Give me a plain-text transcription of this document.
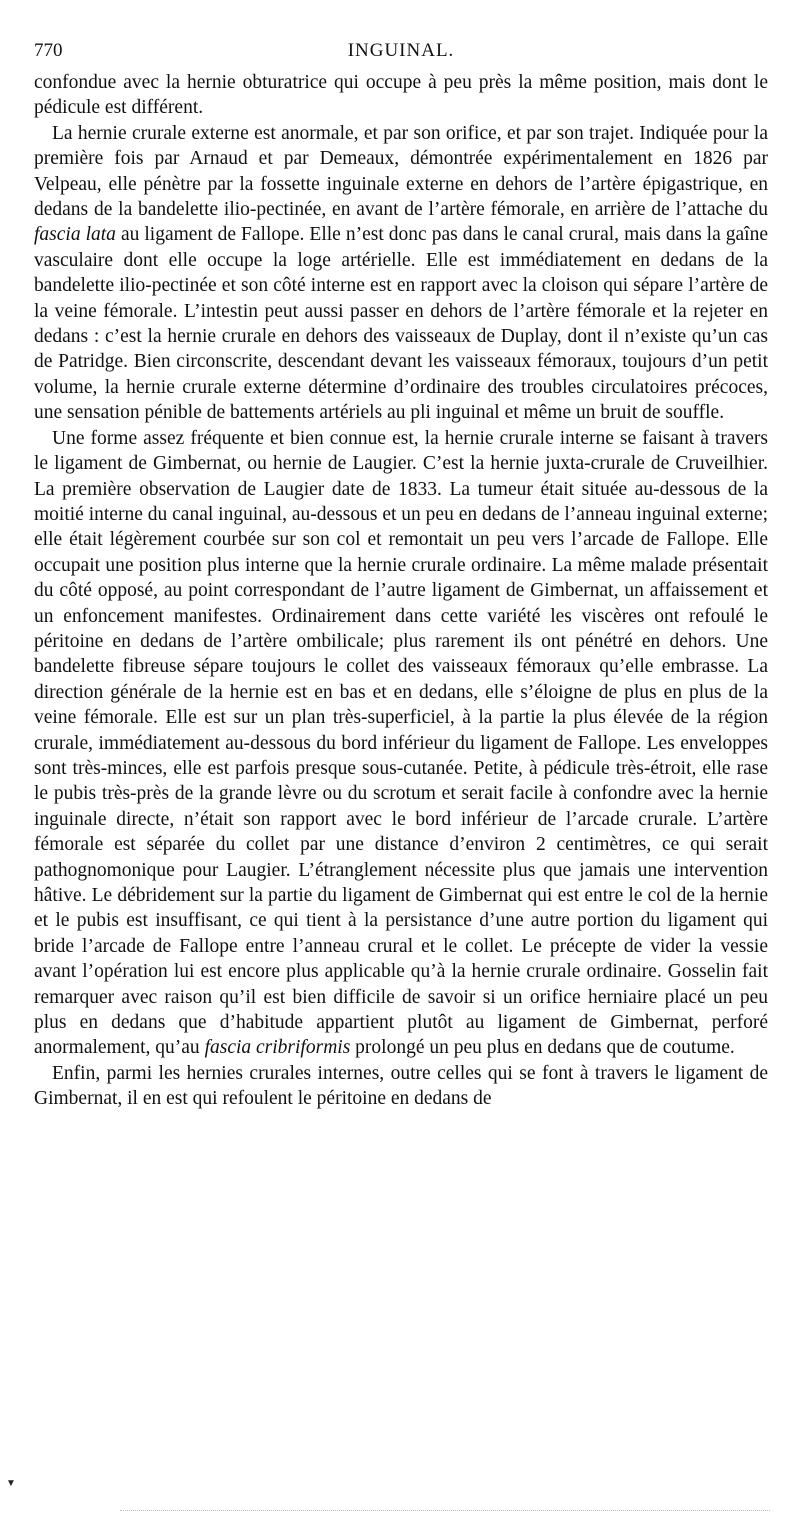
770	INGUINAL.

confondue avec la hernie obturatrice qui occupe à peu près la même position, mais dont le pédicule est différent.

La hernie crurale externe est anormale, et par son orifice, et par son trajet. Indiquée pour la première fois par Arnaud et par Demeaux, démontrée expérimentalement en 1826 par Velpeau, elle pénètre par la fossette inguinale externe en dehors de l’artère épigastrique, en dedans de la bandelette ilio-pectinée, en avant de l’artère fémorale, en arrière de l’attache du fascia lata au ligament de Fallope. Elle n’est donc pas dans le canal crural, mais dans la gaîne vasculaire dont elle occupe la loge artérielle. Elle est immédiatement en dedans de la bandelette ilio-pectinée et son côté interne est en rapport avec la cloison qui sépare l’artère de la veine fémorale. L’intestin peut aussi passer en dehors de l’artère fémorale et la rejeter en dedans : c’est la hernie crurale en dehors des vaisseaux de Duplay, dont il n’existe qu’un cas de Patridge. Bien circonscrite, descendant devant les vaisseaux fémoraux, toujours d’un petit volume, la hernie crurale externe détermine d’ordinaire des troubles circulatoires précoces, une sensation pénible de battements artériels au pli inguinal et même un bruit de souffle.

Une forme assez fréquente et bien connue est, la hernie crurale interne se faisant à travers le ligament de Gimbernat, ou hernie de Laugier. C’est la hernie juxta-crurale de Cruveilhier. La première observation de Laugier date de 1833. La tumeur était située au-dessous de la moitié interne du canal inguinal, au-dessous et un peu en dedans de l’anneau inguinal externe; elle était légèrement courbée sur son col et remontait un peu vers l’arcade de Fallope. Elle occupait une position plus interne que la hernie crurale ordinaire. La même malade présentait du côté opposé, au point correspondant de l’autre ligament de Gimbernat, un affaissement et un enfoncement manifestes. Ordinairement dans cette variété les viscères ont refoulé le péritoine en dedans de l’artère ombilicale; plus rarement ils ont pénétré en dehors. Une bandelette fibreuse sépare toujours le collet des vaisseaux fémoraux qu’elle embrasse. La direction générale de la hernie est en bas et en dedans, elle s’éloigne de plus en plus de la veine fémorale. Elle est sur un plan très-superficiel, à la partie la plus élevée de la région crurale, immédiatement au-dessous du bord inférieur du ligament de Fallope. Les enveloppes sont très-minces, elle est parfois presque sous-cutanée. Petite, à pédicule très-étroit, elle rase le pubis très-près de la grande lèvre ou du scrotum et serait facile à confondre avec la hernie inguinale directe, n’était son rapport avec le bord inférieur de l’arcade crurale. L’artère fémorale est séparée du collet par une distance d’environ 2 centimètres, ce qui serait pathognomonique pour Laugier. L’étranglement nécessite plus que jamais une intervention hâtive. Le débridement sur la partie du ligament de Gimbernat qui est entre le col de la hernie et le pubis est insuffisant, ce qui tient à la persistance d’une autre portion du ligament qui bride l’arcade de Fallope entre l’anneau crural et le collet. Le précepte de vider la vessie avant l’opération lui est encore plus applicable qu’à la hernie crurale ordinaire. Gosselin fait remarquer avec raison qu’il est bien difficile de savoir si un orifice herniaire placé un peu plus en dedans que d’habitude appartient plutôt au ligament de Gimbernat, perforé anormalement, qu’au fascia cribriformis prolongé un peu plus en dedans que de coutume.

Enfin, parmi les hernies crurales internes, outre celles qui se font à travers le ligament de Gimbernat, il en est qui refoulent le péritoine en dedans de

▼
